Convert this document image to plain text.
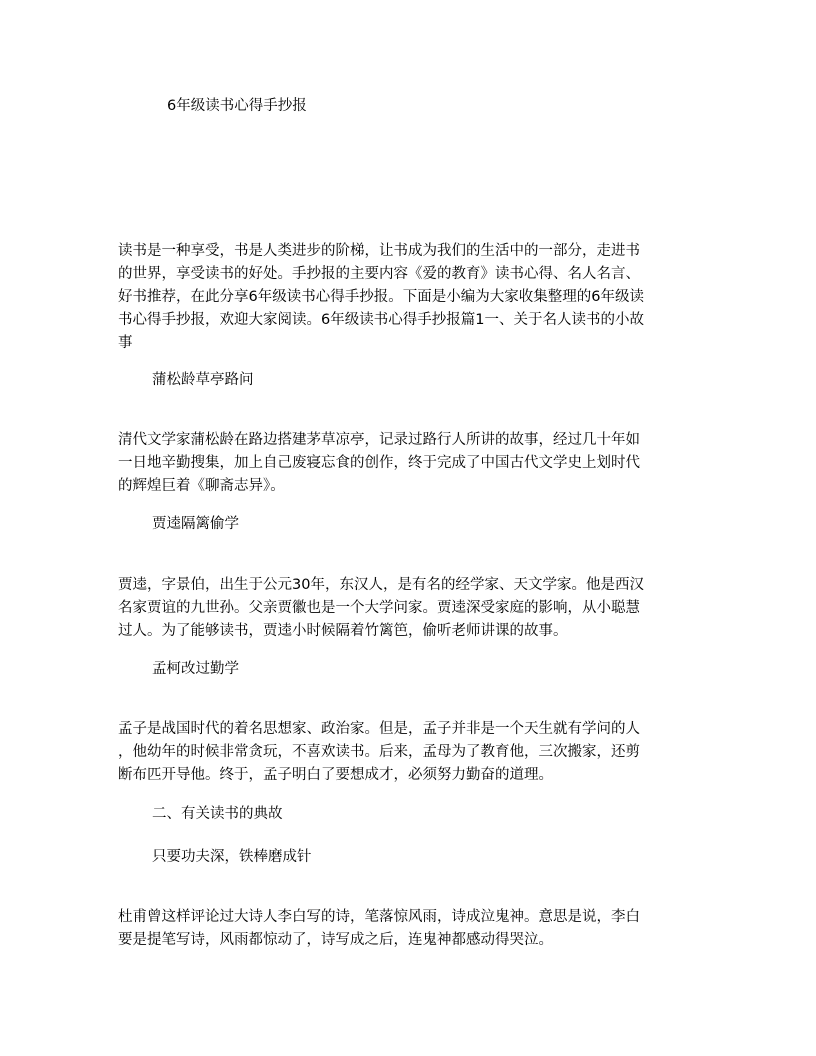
6年级读书心得手抄报
读书是一种享受，书是人类进步的阶梯，让书成为我们的生活中的一部分，走进书
的世界，享受读书的好处。手抄报的主要内容《爱的教育》读书心得、名人名言、
好书推荐，在此分享6年级读书心得手抄报。下面是小编为大家收集整理的6年级读
书心得手抄报，欢迎大家阅读。6年级读书心得手抄报篇1一、关于名人读书的小故
事
蒲松龄草亭路问
清代文学家蒲松龄在路边搭建茅草凉亭，记录过路行人所讲的故事，经过几十年如
一日地辛勤搜集，加上自己废寝忘食的创作，终于完成了中国古代文学史上划时代
的辉煌巨着《聊斋志异》。
贾逵隔篱偷学
贾逵，字景伯，出生于公元30年，东汉人，是有名的经学家、天文学家。他是西汉
名家贾谊的九世孙。父亲贾徽也是一个大学问家。贾逵深受家庭的影响，从小聪慧
过人。为了能够读书，贾逵小时候隔着竹篱笆，偷听老师讲课的故事。
孟柯改过勤学
孟子是战国时代的着名思想家、政治家。但是，孟子并非是一个天生就有学问的人
，他幼年的时候非常贪玩，不喜欢读书。后来，孟母为了教育他，三次搬家，还剪
断布匹开导他。终于，孟子明白了要想成才，必须努力勤奋的道理。
二、有关读书的典故
只要功夫深，铁棒磨成针
杜甫曾这样评论过大诗人李白写的诗，笔落惊风雨，诗成泣鬼神。意思是说，李白
要是提笔写诗，风雨都惊动了，诗写成之后，连鬼神都感动得哭泣。
